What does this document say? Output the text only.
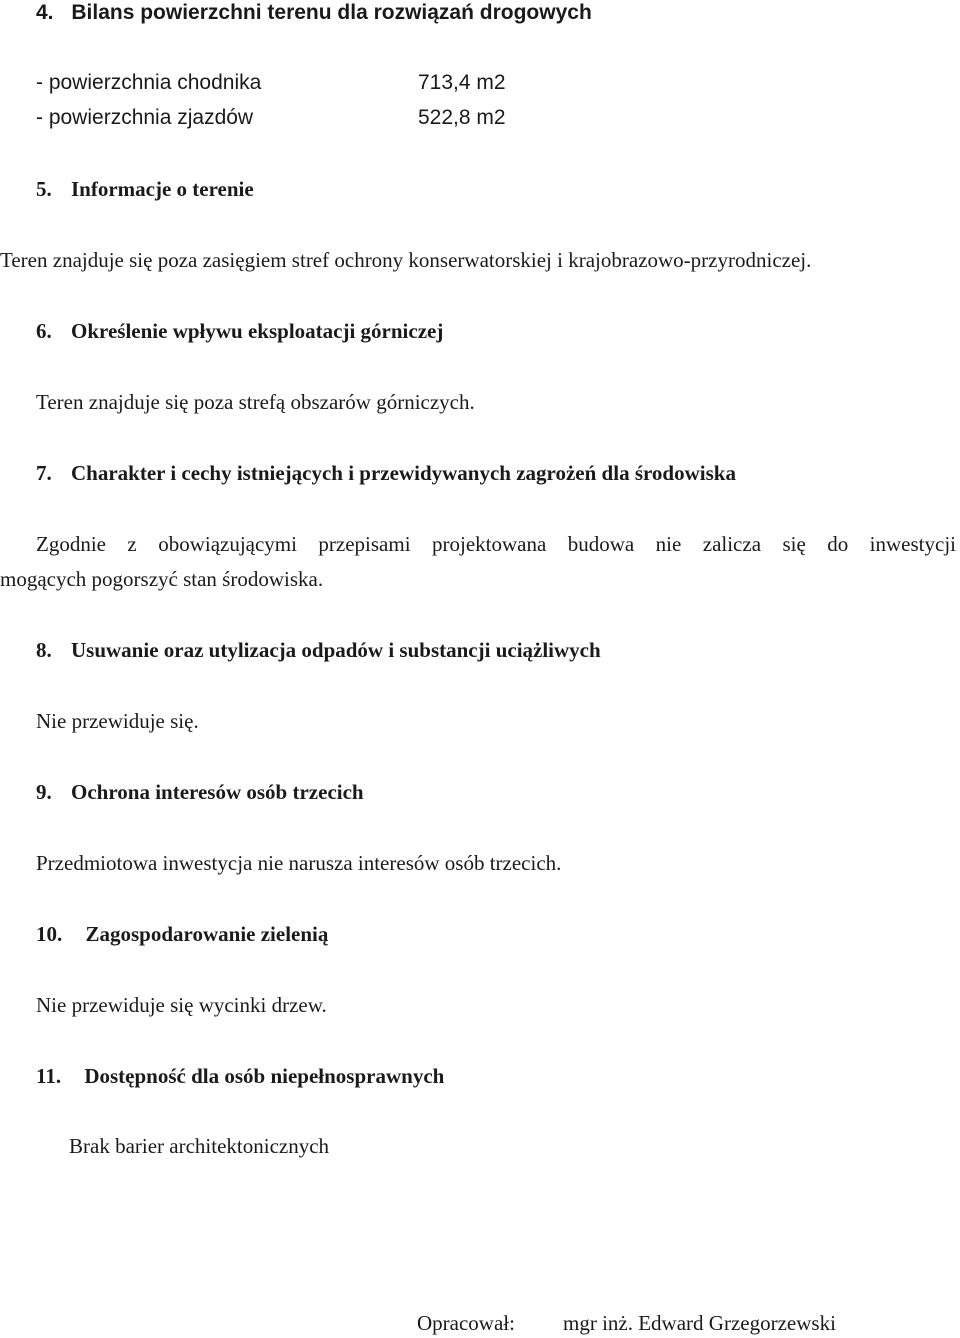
4. Bilans powierzchni terenu dla rozwiązań drogowych
- powierzchnia chodnika	713,4 m2
- powierzchnia zjazdów	522,8 m2
5. Informacje o terenie
Teren znajduje się poza zasięgiem stref ochrony konserwatorskiej i krajobrazowo-przyrodniczej.
6. Określenie wpływu eksploatacji górniczej
Teren znajduje się poza strefą obszarów górniczych.
7. Charakter i cechy istniejących i przewidywanych zagrożeń dla środowiska
Zgodnie z obowiązującymi przepisami projektowana budowa nie zalicza się do inwestycji
mogących pogorszyć stan środowiska.
8. Usuwanie oraz utylizacja odpadów i substancji uciążliwych
Nie przewiduje się.
9. Ochrona interesów osób trzecich
Przedmiotowa inwestycja nie narusza interesów osób trzecich.
10. Zagospodarowanie zielenią
Nie przewiduje się wycinki drzew.
11. Dostępność dla osób niepełnosprawnych
Brak barier architektonicznych
Opracował: mgr inż. Edward Grzegorzewski
